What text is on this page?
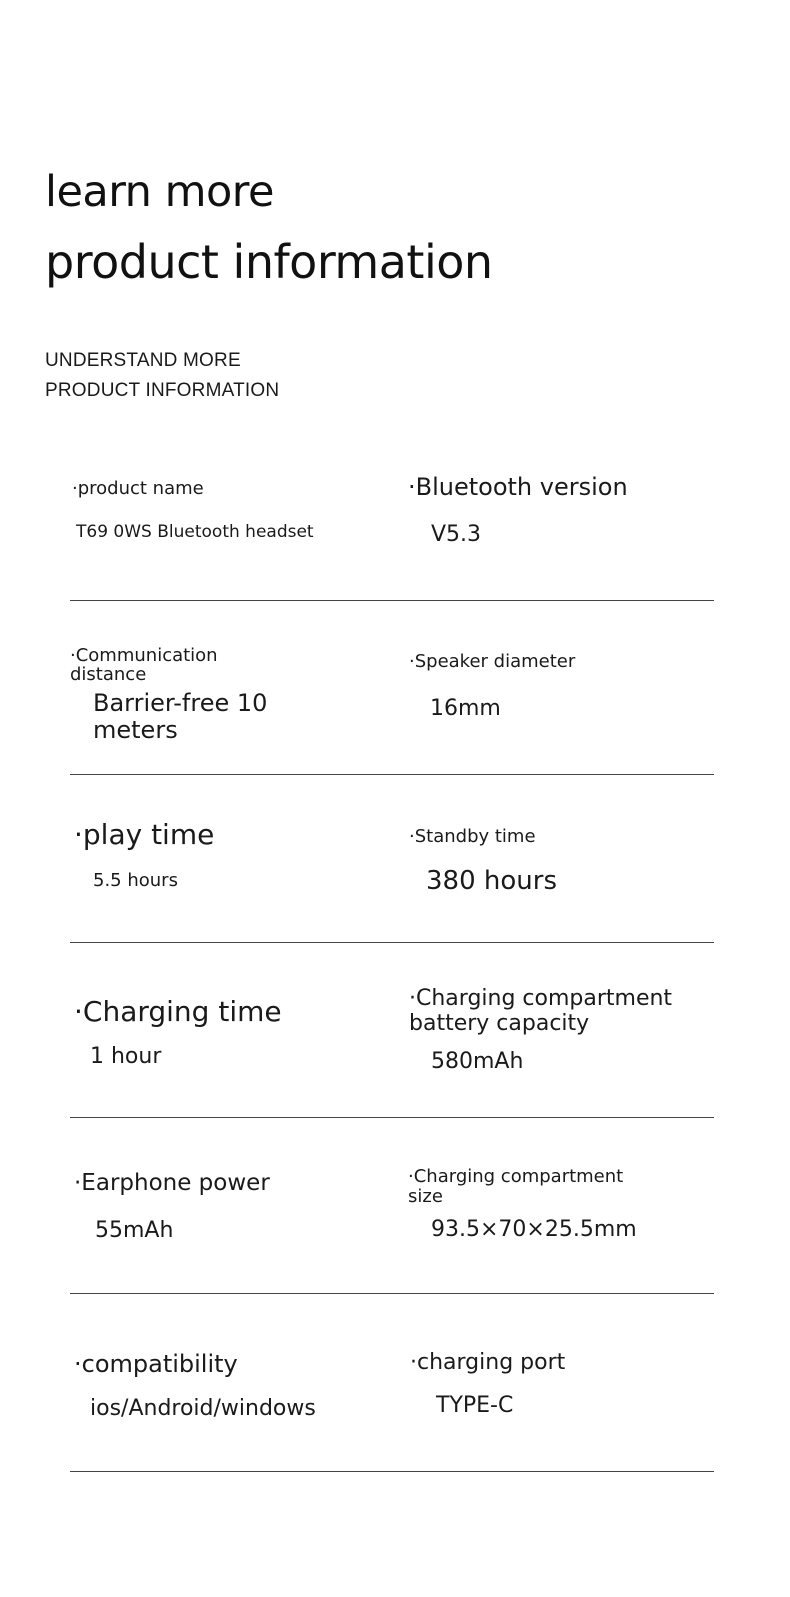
learn more
product information
UNDERSTAND MORE
PRODUCT INFORMATION
·product name
T69 0WS Bluetooth headset
·Bluetooth version
V5.3
·Communication distance
Barrier-free 10 meters
·Speaker diameter
16mm
·play time
5.5 hours
·Standby time
380 hours
·Charging time
1 hour
·Charging compartment battery capacity
580mAh
·Earphone power
55mAh
·Charging compartment size
93.5×70×25.5mm
·compatibility
ios/Android/windows
·charging port
TYPE-C
